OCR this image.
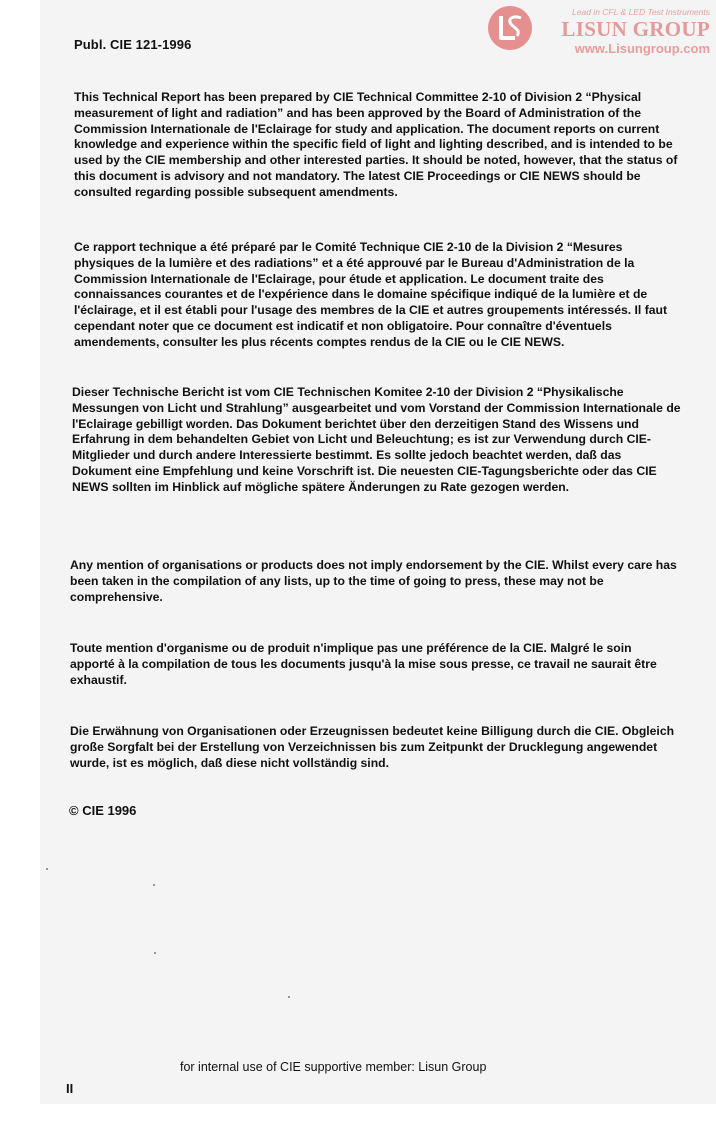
Publ. CIE 121-1996
Lead in CFL & LED Test Instruments
LISUN GROUP
www.Lisungroup.com
This Technical Report has been prepared by CIE Technical Committee 2-10 of Division 2 “Physical
measurement of light and radiation” and has been approved by the Board of Administration of the
Commission Internationale de l'Eclairage for study and application. The document reports on current
knowledge and experience within the specific field of light and lighting described, and is intended to be
used by the CIE membership and other interested parties. It should be noted, however, that the status of
this document is advisory and not mandatory. The latest CIE Proceedings or CIE NEWS should be
consulted regarding possible subsequent amendments.
Ce rapport technique a été préparé par le Comité Technique CIE 2-10 de la Division 2 “Mesures
physiques de la lumière et des radiations” et a été approuvé par le Bureau d'Administration de la
Commission Internationale de l'Eclairage, pour étude et application. Le document traite des
connaissances courantes et de l'expérience dans le domaine spécifique indiqué de la lumière et de
l'éclairage, et il est établi pour l'usage des membres de la CIE et autres groupements intéressés. Il faut
cependant noter que ce document est indicatif et non obligatoire. Pour connaître d'éventuels
amendements, consulter les plus récents comptes rendus de la CIE ou le CIE NEWS.
Dieser Technische Bericht ist vom CIE Technischen Komitee 2-10 der Division 2 “Physikalische
Messungen von Licht und Strahlung” ausgearbeitet und vom Vorstand der Commission Internationale de
l'Eclairage gebilligt worden. Das Dokument berichtet über den derzeitigen Stand des Wissens und
Erfahrung in dem behandelten Gebiet von Licht und Beleuchtung; es ist zur Verwendung durch CIE-
Mitglieder und durch andere Interessierte bestimmt. Es sollte jedoch beachtet werden, daß das
Dokument eine Empfehlung und keine Vorschrift ist. Die neuesten CIE-Tagungsberichte oder das CIE
NEWS sollten im Hinblick auf mögliche spätere Änderungen zu Rate gezogen werden.
Any mention of organisations or products does not imply endorsement by the CIE. Whilst every care has
been taken in the compilation of any lists, up to the time of going to press, these may not be
comprehensive.
Toute mention d'organisme ou de produit n'implique pas une préférence de la CIE. Malgré le soin
apporté à la compilation de tous les documents jusqu'à la mise sous presse, ce travail ne saurait être
exhaustif.
Die Erwähnung von Organisationen oder Erzeugnissen bedeutet keine Billigung durch die CIE. Obgleich
große Sorgfalt bei der Erstellung von Verzeichnissen bis zum Zeitpunkt der Drucklegung angewendet
wurde, ist es möglich, daß diese nicht vollständig sind.
© CIE 1996
for internal use of CIE supportive member: Lisun Group
II
